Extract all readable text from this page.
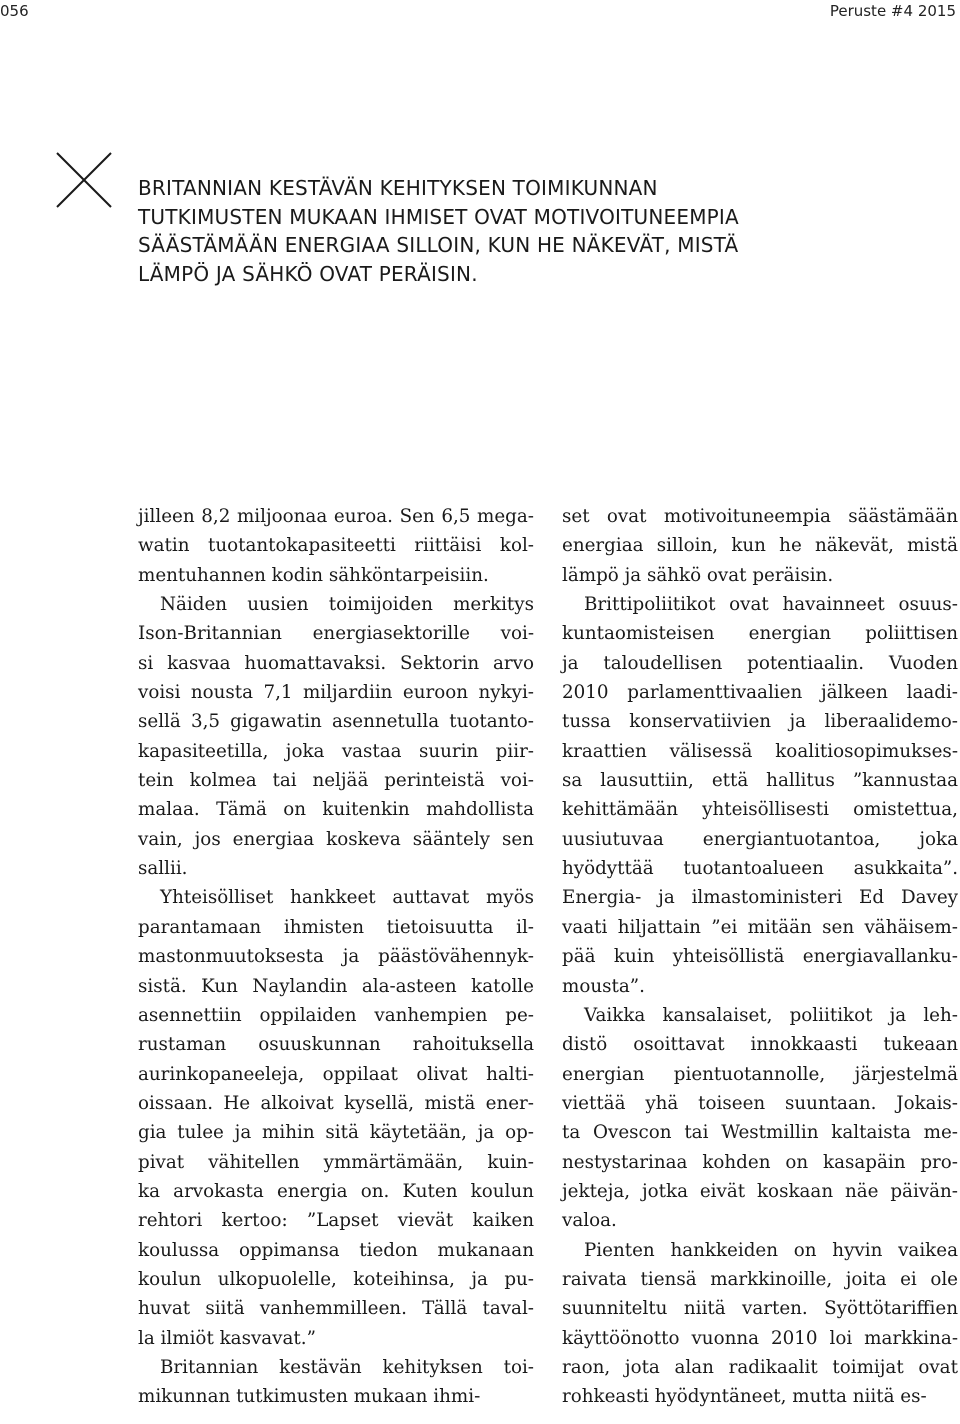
056	Peruste #4 2015
BRITANNIAN KESTÄVÄN KEHITYKSEN TOIMIKUNNAN
TUTKIMUSTEN MUKAAN IHMISET OVAT MOTIVOITUNEEMPIA
SÄÄSTÄMÄÄN ENERGIAA SILLOIN, KUN HE NÄKEVÄT, MISTÄ
LÄMPÖ JA SÄHKÖ OVAT PERÄISIN.
jilleen 8,2 miljoonaa euroa. Sen 6,5 mega-
watin tuotantokapasiteetti riittäisi kol-
mentuhannen kodin sähköntarpeisiin.
Näiden uusien toimijoiden merkitys
Ison-Britannian energiasektorille voi-
si kasvaa huomattavaksi. Sektorin arvo
voisi nousta 7,1 miljardiin euroon nykyi-
sellä 3,5 gigawatin asennetulla tuotanto-
kapasiteetilla, joka vastaa suurin piir-
tein kolmea tai neljää perinteistä voi-
malaa. Tämä on kuitenkin mahdollista
vain, jos energiaa koskeva sääntely sen
sallii.
Yhteisölliset hankkeet auttavat myös
parantamaan ihmisten tietoisuutta il-
mastonmuutoksesta ja päästövähennyk-
sistä. Kun Naylandin ala-asteen katolle
asennettiin oppilaiden vanhempien pe-
rustaman osuuskunnan rahoituksella
aurinkopaneeleja, oppilaat olivat halti-
oissaan. He alkoivat kysellä, mistä ener-
gia tulee ja mihin sitä käytetään, ja op-
pivat vähitellen ymmärtämään, kuin-
ka arvokasta energia on. Kuten koulun
rehtori kertoo: ”Lapset vievät kaiken
koulussa oppimansa tiedon mukanaan
koulun ulkopuolelle, koteihinsa, ja pu-
huvat siitä vanhemmilleen. Tällä taval-
la ilmiöt kasvavat.”
Britannian kestävän kehityksen toi-
mikunnan tutkimusten mukaan ihmi-
set ovat motivoituneempia säästämään
energiaa silloin, kun he näkevät, mistä
lämpö ja sähkö ovat peräisin.
Brittipoliitikot ovat havainneet osuus-
kuntaomisteisen energian poliittisen
ja taloudellisen potentiaalin. Vuoden
2010 parlamenttivaalien jälkeen laadi-
tussa konservatiivien ja liberaalidemo-
kraattien välisessä koalitiosopimukses-
sa lausuttiin, että hallitus ”kannustaa
kehittämään yhteisöllisesti omistettua,
uusiutuvaa energiantuotantoa, joka
hyödyttää tuotantoalueen asukkaita”.
Energia- ja ilmastoministeri Ed Davey
vaati hiljattain ”ei mitään sen vähäisem-
pää kuin yhteisöllistä energiavallanku-
mousta”.
Vaikka kansalaiset, poliitikot ja leh-
distö osoittavat innokkaasti tukeaan
energian pientuotannolle, järjestelmä
viettää yhä toiseen suuntaan. Jokais-
ta Ovescon tai Westmillin kaltaista me-
nestystarinaa kohden on kasapäin pro-
jekteja, jotka eivät koskaan näe päivän-
valoa.
Pienten hankkeiden on hyvin vaikea
raivata tiensä markkinoille, joita ei ole
suunniteltu niitä varten. Syöttötariffien
käyttöönotto vuonna 2010 loi markkina-
raon, jota alan radikaalit toimijat ovat
rohkeasti hyödyntäneet, mutta niitä es-
